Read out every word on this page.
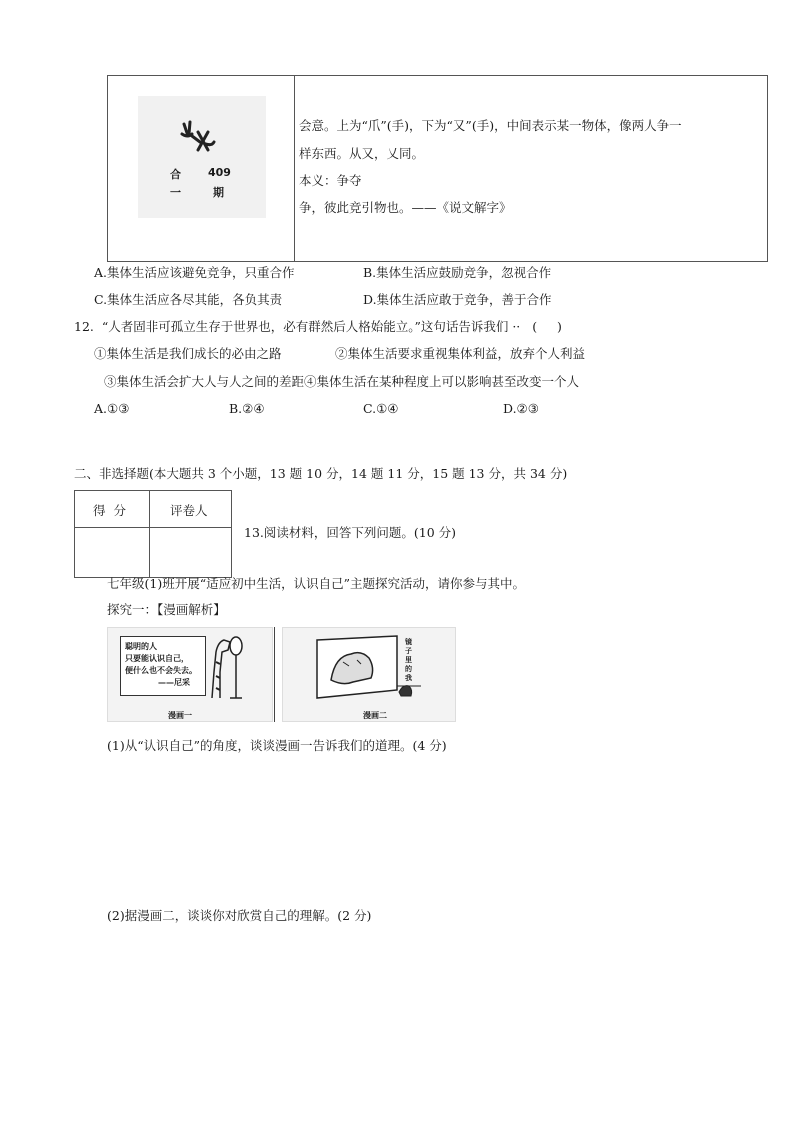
合 409
一	期
会意。上为“爪”(手)，下为“又”(手)，中间表示某一物体，像两人争一
样东西。从又，乂同。
本义：争夺
争，彼此竞引物也。——《说文解字》
A.集体生活应该避免竞争，只重合作	B.集体生活应鼓励竞争，忽视合作
C.集体生活应各尽其能，各负其责	D.集体生活应敢于竞争，善于合作
12.  “人者固非可孤立生存于世界也，必有群然后人格始能立。”这句话告诉我们 ··   (     )
①集体生活是我们成长的必由之路	②集体生活要求重视集体利益，放弃个人利益
③集体生活会扩大人与人之间的差距④集体生活在某种程度上可以影响甚至改变一个人
A.①③	B.②④	C.①④	D.②③
二、非选择题(本大题共 3 个小题，13 题 10 分，14 题 11 分，15 题 13 分，共 34 分)
得  分	评卷人
13.阅读材料，回答下列问题。(10 分)
七年级(1)班开展“适应初中生活，认识自己”主题探究活动，请你参与其中。
探究一：【漫画解析】
聪明的人
只要能认识自己，
便什么也不会失去。
——尼采
漫画一
镜子里的我
漫画二
(1)从“认识自己”的角度，谈谈漫画一告诉我们的道理。(4 分)
(2)据漫画二，谈谈你对欣赏自己的理解。(2 分)
